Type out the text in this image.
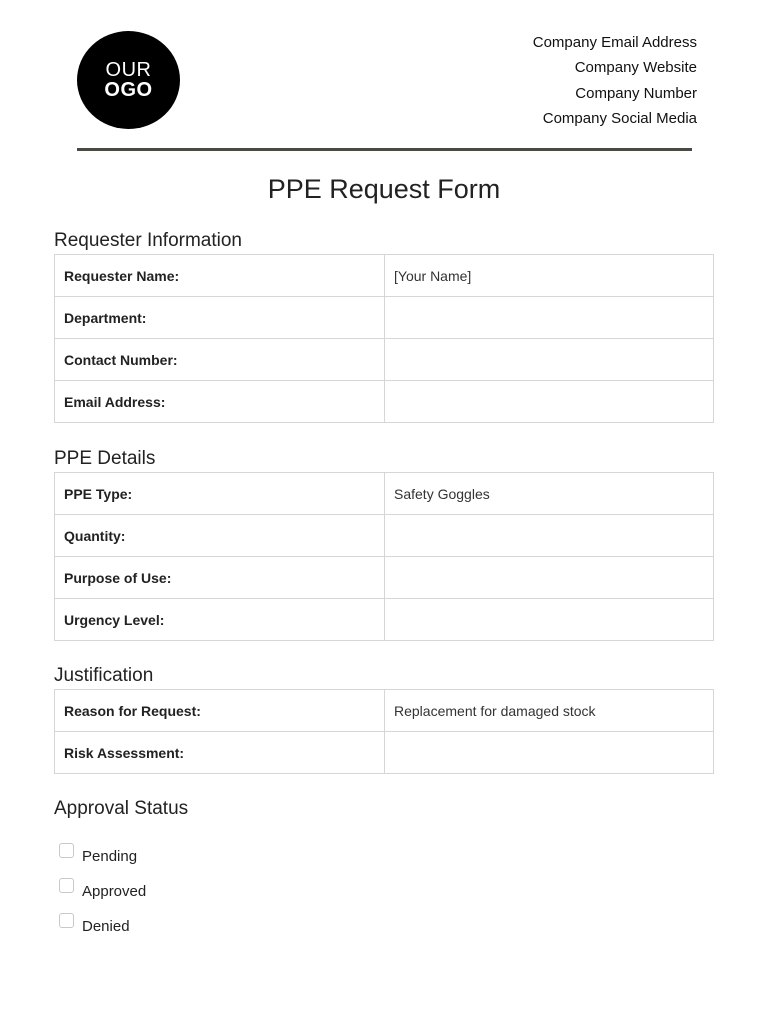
OUR
OGO
Company Email Address
Company Website
Company Number
Company Social Media
PPE Request Form
Requester Information
Requester Name:	[Your Name]
Department:	
Contact Number:	
Email Address:	
PPE Details
PPE Type:	Safety Goggles
Quantity:	
Purpose of Use:	
Urgency Level:	
Justification
Reason for Request:	Replacement for damaged stock
Risk Assessment:	
Approval Status
Pending
Approved
Denied
